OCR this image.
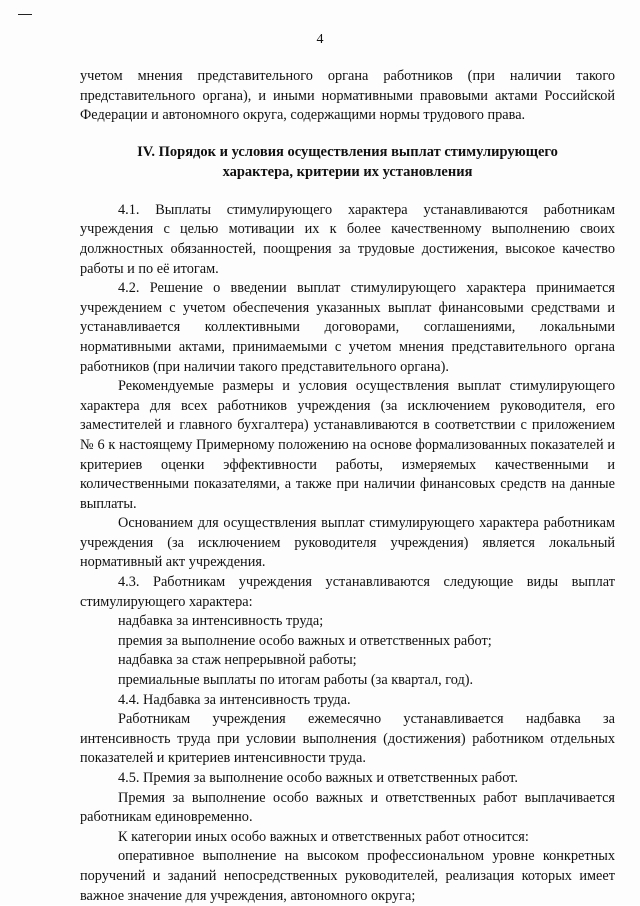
4

учетом мнения представительного органа работников (при наличии такого представительного органа), и иными нормативными правовыми актами Российской Федерации и автономного округа, содержащими нормы трудового права.

IV. Порядок и условия осуществления выплат стимулирующего
характера, критерии их установления

4.1. Выплаты стимулирующего характера устанавливаются работникам учреждения с целью мотивации их к более качественному выполнению своих должностных обязанностей, поощрения за трудовые достижения, высокое качество работы и по её итогам.

4.2. Решение о введении выплат стимулирующего характера принимается учреждением с учетом обеспечения указанных выплат финансовыми средствами и устанавливается коллективными договорами, соглашениями, локальными нормативными актами, принимаемыми с учетом мнения представительного органа работников (при наличии такого представительного органа).

Рекомендуемые размеры и условия осуществления выплат стимулирующего характера для всех работников учреждения (за исключением руководителя, его заместителей и главного бухгалтера) устанавливаются в соответствии с приложением № 6 к настоящему Примерному положению на основе формализованных показателей и критериев оценки эффективности работы, измеряемых качественными и количественными показателями, а также при наличии финансовых средств на данные выплаты.

Основанием для осуществления выплат стимулирующего характера работникам учреждения (за исключением руководителя учреждения) является локальный нормативный акт учреждения.

4.3. Работникам учреждения устанавливаются следующие виды выплат стимулирующего характера:

надбавка за интенсивность труда;

премия за выполнение особо важных и ответственных работ;

надбавка за стаж непрерывной работы;

премиальные выплаты по итогам работы (за квартал, год).

4.4. Надбавка за интенсивность труда.

Работникам учреждения ежемесячно устанавливается надбавка за интенсивность труда при условии выполнения (достижения) работником отдельных показателей и критериев интенсивности труда.

4.5. Премия за выполнение особо важных и ответственных работ.

Премия за выполнение особо важных и ответственных работ выплачивается работникам единовременно.

К категории иных особо важных и ответственных работ относится:

оперативное выполнение на высоком профессиональном уровне конкретных поручений и заданий непосредственных руководителей, реализация которых имеет важное значение для учреждения, автономного округа;
